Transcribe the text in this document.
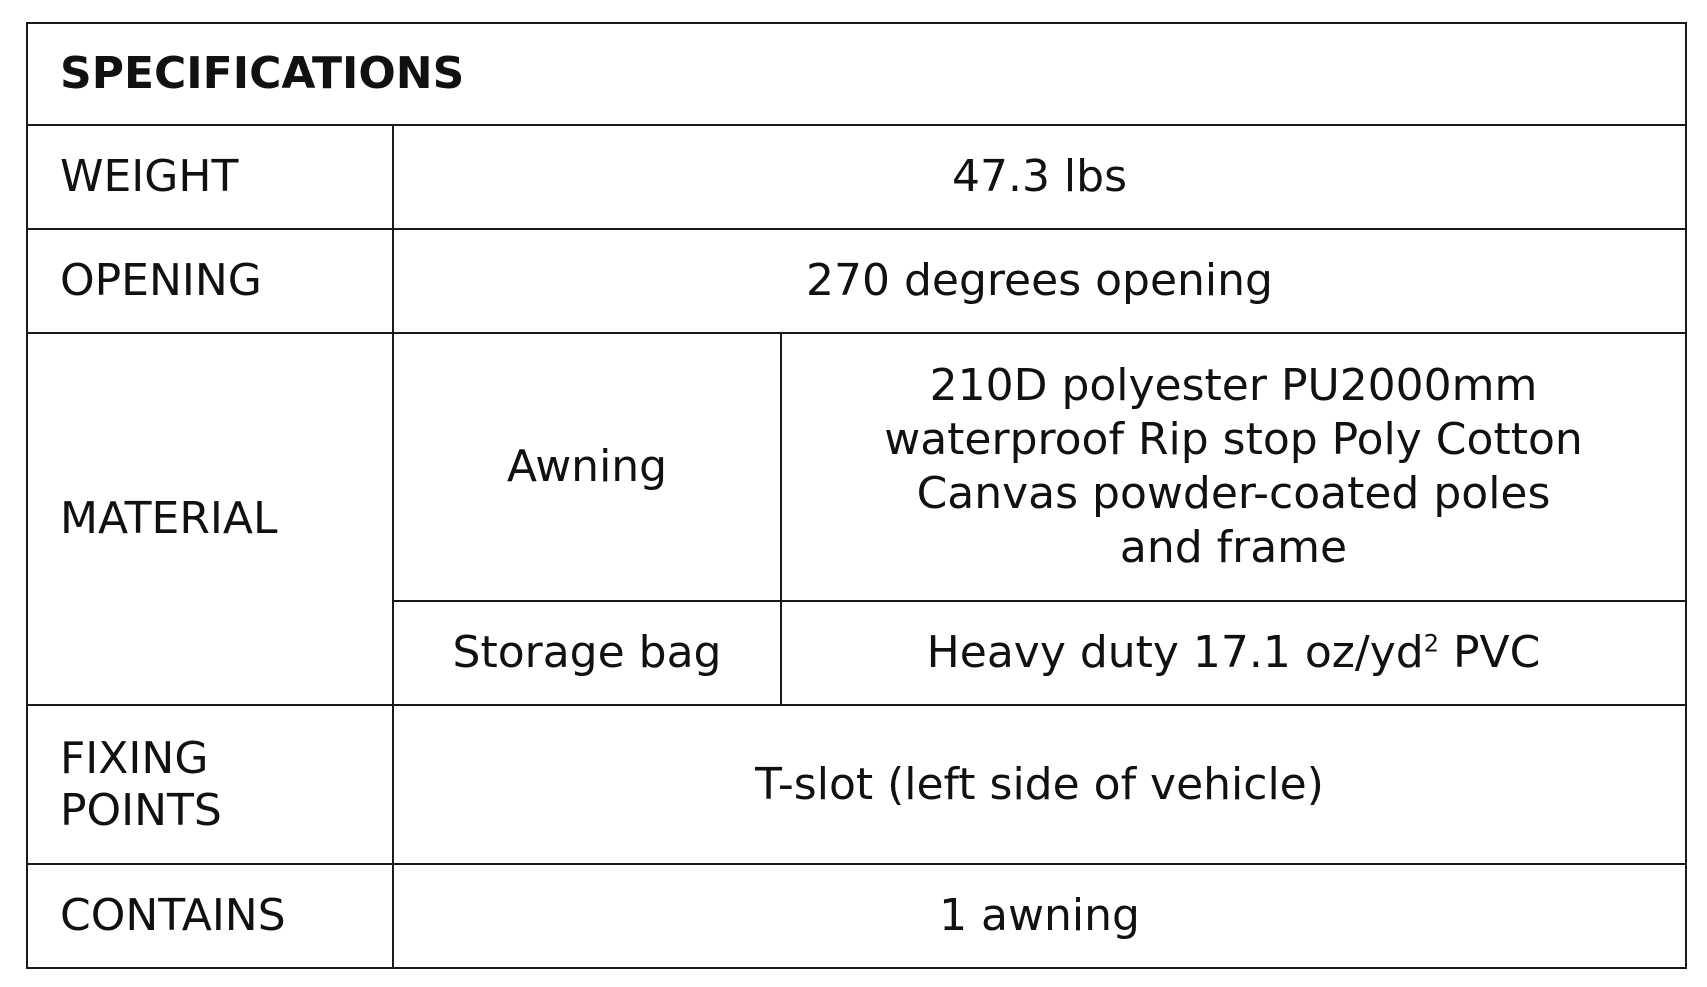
SPECIFICATIONS		
WEIGHT	47.3 lbs	
OPENING	270 degrees opening	
MATERIAL	Awning	210D polyester PU2000mm
waterproof Rip stop Poly Cotton
Canvas powder-coated poles
and frame
	Storage bag	Heavy duty 17.1 $oz/yd^2$ PVC
FIXING
POINTS	T-slot (left side of vehicle)	
CONTAINS	1 awning	
